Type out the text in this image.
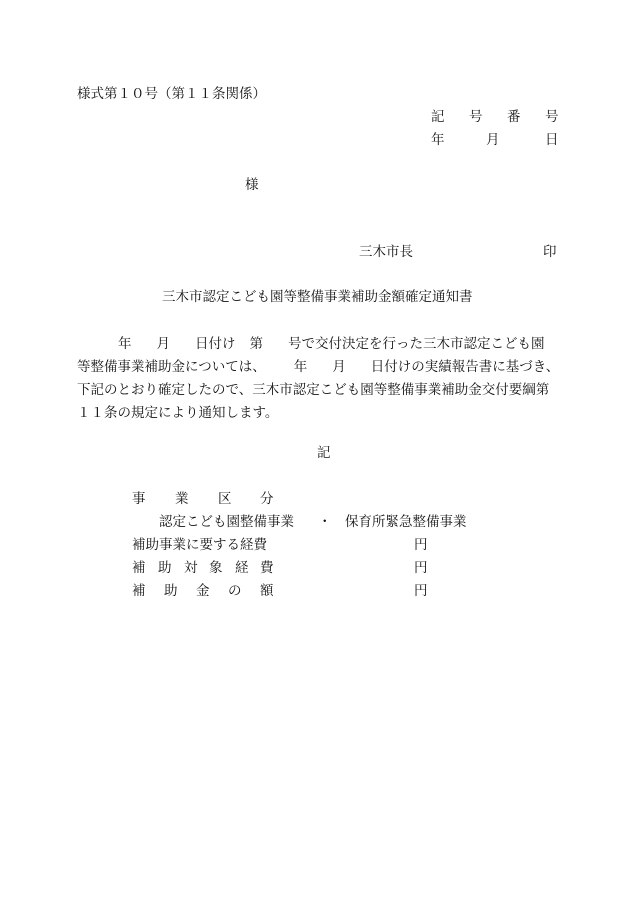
様式第１０号（第１１条関係）
記 号 番 号
年	月	日
様
三木市長	印
三木市認定こども園等整備事業補助金額確定通知書
年 月 日付け 第 号で交付決定を行った三木市認定こども園
等整備事業補助金については、 年 月 日付けの実績報告書に基づき、
下記のとおり確定したので、三木市認定こども園等整備事業補助金交付要綱第
１１条の規定により通知します。
記
事 業 区 分
認定こども園整備事業 ・ 保育所緊急整備事業
補助事業に要する経費	円
補 助 対 象 経 費	円
補 助 金 の 額	円
